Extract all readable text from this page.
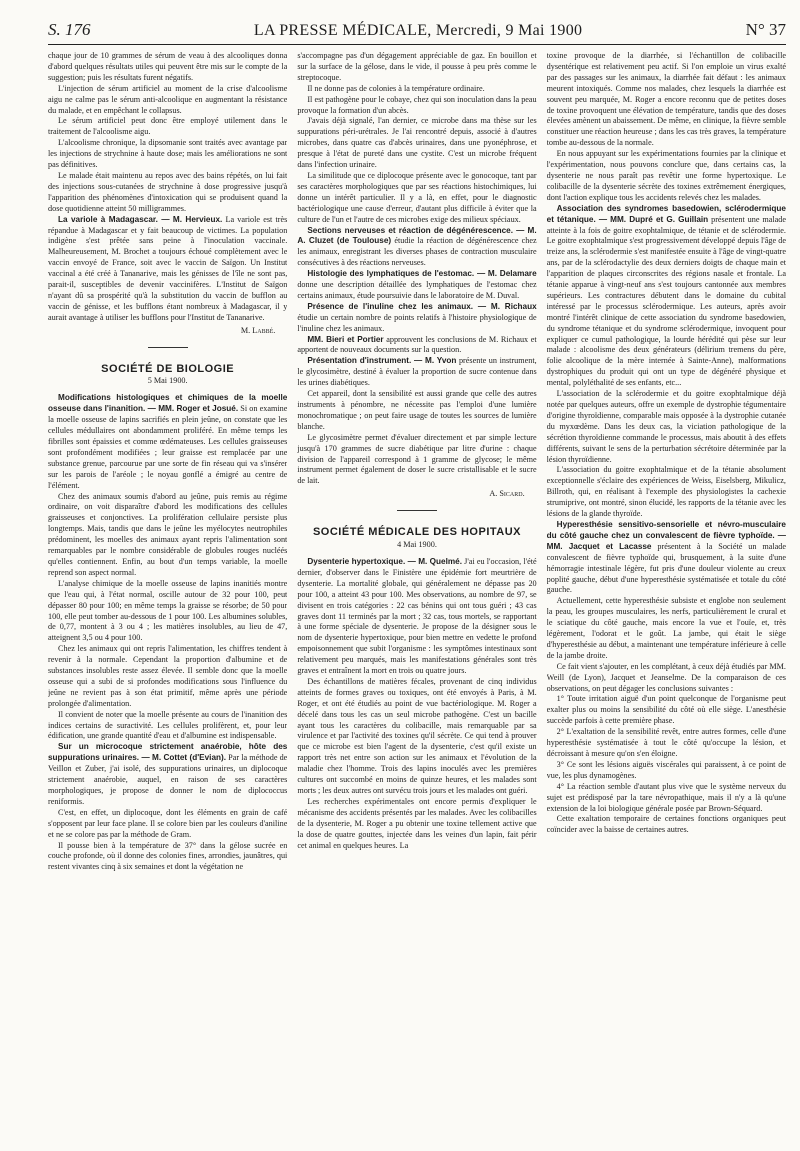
S. 176	LA PRESSE MÉDICALE, Mercredi, 9 Mai 1900	N° 37

chaque jour de 10 grammes de sérum de veau à des alcooliques donna d'abord quelques résultats utiles qui peuvent être mis sur le compte de la suggestion; puis les résultats furent négatifs.

L'injection de sérum artificiel au moment de la crise d'alcoolisme aigu ne calme pas le sérum anti-alcoolique en augmentant la résistance du malade, et en empêchant le collapsus.

Le sérum artificiel peut donc être employé utilement dans le traitement de l'alcoolisme aigu.

L'alcoolisme chronique, la dipsomanie sont traités avec avantage par les injections de strychnine à haute dose; mais les améliorations ne sont pas définitives.

Le malade était maintenu au repos avec des bains répétés, on lui fait des injections sous-cutanées de strychnine à dose progressive jusqu'à l'apparition des phénomènes d'intoxication qui se produisent quand la dose quotidienne atteint 50 milligrammes.

La variole à Madagascar. — M. Hervieux. La variole est très répandue à Madagascar et y fait beaucoup de victimes. La population indigène s'est prêtée sans peine à l'inoculation vaccinale. Malheureusement, M. Brochet a toujours échoué complètement avec le vaccin envoyé de France, soit avec le vaccin de Saïgon. Un Institut vaccinal a été créé à Tananarive, mais les génisses de l'île ne sont pas, parait-il, susceptibles de devenir vaccinifères. L'Institut de Saïgon n'ayant dû sa prospérité qu'à la substitution du vaccin de bufflon au vaccin de génisse, et les bufflons étant nombreux à Madagascar, il y aurait avantage à utiliser les bufflons pour l'Institut de Tananarive.

M. Labbé.

SOCIÉTÉ DE BIOLOGIE
5 Mai 1900.

Modifications histologiques et chimiques de la moelle osseuse dans l'inanition. — MM. Roger et Josué. Si on examine la moelle osseuse de lapins sacrifiés en plein jeûne, on constate que les cellules médullaires ont abondamment proliféré. En même temps les fibrilles sont épaissies et comme œdémateuses. Les cellules graisseuses sont profondément modifiées ; leur graisse est remplacée par une substance grenue, parcourue par une sorte de fin réseau qui va s'insérer sur les parois de l'aréole ; le noyau gonflé a émigré au centre de l'élément.

Chez des animaux soumis d'abord au jeûne, puis remis au régime ordinaire, on voit disparaître d'abord les modifications des cellules graisseuses et conjonctives. La prolifération cellulaire persiste plus longtemps. Mais, tandis que dans le jeûne les myélocytes neutrophiles prédominent, les moelles des animaux ayant repris l'alimentation sont remarquables par le nombre considérable de globules rouges nucléés qu'elles contiennent. Enfin, au bout d'un temps variable, la moelle reprend son aspect normal.

L'analyse chimique de la moelle osseuse de lapins inanitiés montre que l'eau qui, à l'état normal, oscille autour de 32 pour 100, peut dépasser 80 pour 100; en même temps la graisse se résorbe; de 50 pour 100, elle peut tomber au-dessous de 1 pour 100. Les albumines solubles, de 0,77, montent à 3 ou 4 ; les matières insolubles, au lieu de 47, atteignent 3,5 ou 4 pour 100.

Chez les animaux qui ont repris l'alimentation, les chiffres tendent à revenir à la normale. Cependant la proportion d'albumine et de substances insolubles reste assez élevée. Il semble donc que la moelle osseuse qui a subi de si profondes modifications sous l'influence du jeûne ne revient pas à son état primitif, même après une période prolongée d'alimentation.

Il convient de noter que la moelle présente au cours de l'inanition des indices certains de suractivité. Les cellules prolifèrent, et, pour leur édification, une grande quantité d'eau et d'albumine est indispensable.

Sur un microcoque strictement anaérobie, hôte des suppurations urinaires. — M. Cottet (d'Evian). Par la méthode de Veillon et Zuber, j'ai isolé, des suppurations urinaires, un diplocoque strictement anaérobie, auquel, en raison de ses caractères morphologiques, je propose de donner le nom de diplococcus reniformis.

C'est, en effet, un diplocoque, dont les éléments en grain de café s'opposent par leur face plane. Il se colore bien par les couleurs d'aniline et ne se colore pas par la méthode de Gram.

Il pousse bien à la température de 37° dans la gélose sucrée en couche profonde, où il donne des colonies fines, arrondies, jaunâtres, qui restent vivantes cinq à six semaines et dont la végétation ne

s'accompagne pas d'un dégagement appréciable de gaz. En bouillon et sur la surface de la gélose, dans le vide, il pousse à peu près comme le streptocoque.

Il ne donne pas de colonies à la température ordinaire.

Il est pathogène pour le cobaye, chez qui son inoculation dans la peau provoque la formation d'un abcès.

J'avais déjà signalé, l'an dernier, ce microbe dans ma thèse sur les suppurations péri-urétrales. Je l'ai rencontré depuis, associé à d'autres microbes, dans quatre cas d'abcès urinaires, dans une pyonéphrose, et presque à l'état de pureté dans une cystite. C'est un microbe fréquent dans l'infection urinaire.

La similitude que ce diplocoque présente avec le gonocoque, tant par ses caractères morphologiques que par ses réactions histochimiques, lui donne un intérêt particulier. Il y a là, en effet, pour le diagnostic bactériologique une cause d'erreur, d'autant plus difficile à éviter que la culture de l'un et l'autre de ces microbes exige des milieux spéciaux.

Sections nerveuses et réaction de dégénérescence. — M. A. Cluzet (de Toulouse) étudie la réaction de dégénérescence chez les animaux, enregistrant les diverses phases de contraction musculaire consécutives à des réactions nerveuses.

Histologie des lymphatiques de l'estomac. — M. Delamare donne une description détaillée des lymphatiques de l'estomac chez certains animaux, étude poursuivie dans le laboratoire de M. Duval.

Présence de l'inuline chez les animaux. — M. Richaux étudie un certain nombre de points relatifs à l'histoire physiologique de l'inuline chez les animaux.

MM. Bieri et Portier approuvent les conclusions de M. Richaux et apportent de nouveaux documents sur la question.

Présentation d'instrument. — M. Yvon présente un instrument, le glycosimètre, destiné à évaluer la proportion de sucre contenue dans les urines diabétiques.

Cet appareil, dont la sensibilité est aussi grande que celle des autres instruments à pénombre, ne nécessite pas l'emploi d'une lumière monochromatique ; on peut faire usage de toutes les sources de lumière blanche.

Le glycosimètre permet d'évaluer directement et par simple lecture jusqu'à 170 grammes de sucre diabétique par litre d'urine : chaque division de l'appareil correspond à 1 gramme de glycose; le même instrument permet également de doser le sucre cristallisable et le sucre de lait.

A. Sicard.

SOCIÉTÉ MÉDICALE DES HOPITAUX
4 Mai 1900.

Dysenterie hypertoxique. — M. Quelmé. J'ai eu l'occasion, l'été dernier, d'observer dans le Finistère une épidémie fort meurtrière de dysenterie. La mortalité globale, qui généralement ne dépasse pas 20 pour 100, a atteint 43 pour 100. Mes observations, au nombre de 97, se divisent en trois catégories : 22 cas bénins qui ont tous guéri ; 43 cas graves dont 11 terminés par la mort ; 32 cas, tous mortels, se rapportant à une forme spéciale de dysenterie. Je propose de la désigner sous le nom de dysenterie hypertoxique, pour bien mettre en vedette le profond empoisonnement que subit l'organisme : les symptômes intestinaux sont relativement peu marqués, mais les manifestations générales sont très graves et entraînent la mort en trois ou quatre jours.

Des échantillons de matières fécales, provenant de cinq individus atteints de formes graves ou toxiques, ont été envoyés à Paris, à M. Roger, et ont été étudiés au point de vue bactériologique. M. Roger a décelé dans tous les cas un seul microbe pathogène. C'est un bacille ayant tous les caractères du colibacille, mais remarquable par sa virulence et par l'activité des toxines qu'il sécrète. Ce qui tend à prouver que ce microbe est bien l'agent de la dysenterie, c'est qu'il existe un rapport très net entre son action sur les animaux et l'évolution de la maladie chez l'homme. Trois des lapins inoculés avec les premières cultures ont succombé en moins de quinze heures, et les malades sont morts ; les deux autres ont survécu trois jours et les malades ont guéri.

Les recherches expérimentales ont encore permis d'expliquer le mécanisme des accidents présentés par les malades. Avec les colibacilles de la dysenterie, M. Roger a pu obtenir une toxine tellement active que la dose de quatre gouttes, injectée dans les veines d'un lapin, fait périr cet animal en quelques heures. La

toxine provoque de la diarrhée, si l'échantillon de colibacille dysentérique est relativement peu actif. Si l'on emploie un virus exalté par des passages sur les animaux, la diarrhée fait défaut : les animaux meurent intoxiqués. Comme nos malades, chez lesquels la diarrhée est souvent peu marquée, M. Roger a encore reconnu que de petites doses de toxine provoquent une élévation de température, tandis que des doses élevées amènent un abaissement. De même, en clinique, la fièvre semble constituer une réaction heureuse ; dans les cas très graves, la température tombe au-dessous de la normale.

En nous appuyant sur les expérimentations fournies par la clinique et l'expérimentation, nous pouvons conclure que, dans certains cas, la dysenterie ne nous paraît pas revêtir une forme hypertoxique. Le colibacille de la dysenterie sécrète des toxines extrêmement énergiques, dont l'action explique tous les accidents relevés chez les malades.

Association des syndromes basedowien, sclérodermique et tétanique. — MM. Dupré et G. Guillain présentent une malade atteinte à la fois de goitre exophtalmique, de tétanie et de sclérodermie. Le goitre exophtalmique s'est progressivement développé depuis l'âge de treize ans, la sclérodermie s'est manifestée ensuite à l'âge de vingt-quatre ans, par de la sclérodactylie des deux derniers doigts de chaque main et l'apparition de plaques circonscrites des régions nasale et frontale. La tétanie apparue à vingt-neuf ans s'est toujours cantonnée aux membres supérieurs. Les contractures débutent dans le domaine du cubital intéressé par le processus sclérodermique. Les auteurs, après avoir montré l'intérêt clinique de cette association du syndrome basedowien, du syndrome tétanique et du syndrome sclérodermique, invoquent pour expliquer ce cumul pathologique, la lourde hérédité qui pèse sur leur malade : alcoolisme des deux générateurs (délirium tremens du père, folie alcoolique de la mère internée à Sainte-Anne), malformations dystrophiques du produit qui ont un type de dégénéré physique et mental, polyléthalité de ses enfants, etc...

L'association de la sclérodermie et du goitre exophtalmique déjà notée par quelques auteurs, offre un exemple de dystrophie tégumentaire d'origine thyroïdienne, comparable mais opposée à la dystrophie cutanée du myxœdème. Dans les deux cas, la viciation pathologique de la sécrétion thyroïdienne commande le processus, mais aboutit à des effets différents, suivant le sens de la perturbation sécrétoire déterminée par la lésion thyroïdienne.

L'association du goitre exophtalmique et de la tétanie absolument exceptionnelle s'éclaire des expériences de Weiss, Eiselsberg, Mikulicz, Billroth, qui, en réalisant à l'exemple des physiologistes la cachexie strumiprive, ont montré, sinon élucidé, les rapports de la tétanie avec les lésions de la glande thyroïde.

Hyperesthésie sensitivo-sensorielle et névro-musculaire du côté gauche chez un convalescent de fièvre typhoïde. — MM. Jacquet et Lacasse présentent à la Société un malade convalescent de fièvre typhoïde qui, brusquement, à la suite d'une hémorragie intestinale légère, fut pris d'une douleur violente au creux poplité gauche, début d'une hyperesthésie systématisée et totale du côté gauche.

Actuellement, cette hyperesthésie subsiste et englobe non seulement la peau, les groupes musculaires, les nerfs, particulièrement le crural et le sciatique du côté gauche, mais encore la vue et l'ouïe, et, très légèrement, l'odorat et le goût. La jambe, qui était le siège d'hyperesthésie au début, a maintenant une température inférieure à celle de la jambe droite.

Ce fait vient s'ajouter, en les complétant, à ceux déjà étudiés par MM. Weill (de Lyon), Jacquet et Jeanselme. De la comparaison de ces observations, on peut dégager les conclusions suivantes :

1° Toute irritation aiguë d'un point quelconque de l'organisme peut exalter plus ou moins la sensibilité du côté où elle siège. L'anesthésie succède parfois à cette première phase.

2° L'exaltation de la sensibilité revêt, entre autres formes, celle d'une hyperesthésie systématisée à tout le côté qu'occupe la lésion, et décroissant à mesure qu'on s'en éloigne.

3° Ce sont les lésions aiguës viscérales qui paraissent, à ce point de vue, les plus dynamogènes.

4° La réaction semble d'autant plus vive que le système nerveux du sujet est prédisposé par la tare névropathique, mais il n'y a là qu'une extension de la loi biologique générale posée par Brown-Séquard.

Cette exaltation temporaire de certaines fonctions organiques peut coïncider avec la baisse de certaines autres.
